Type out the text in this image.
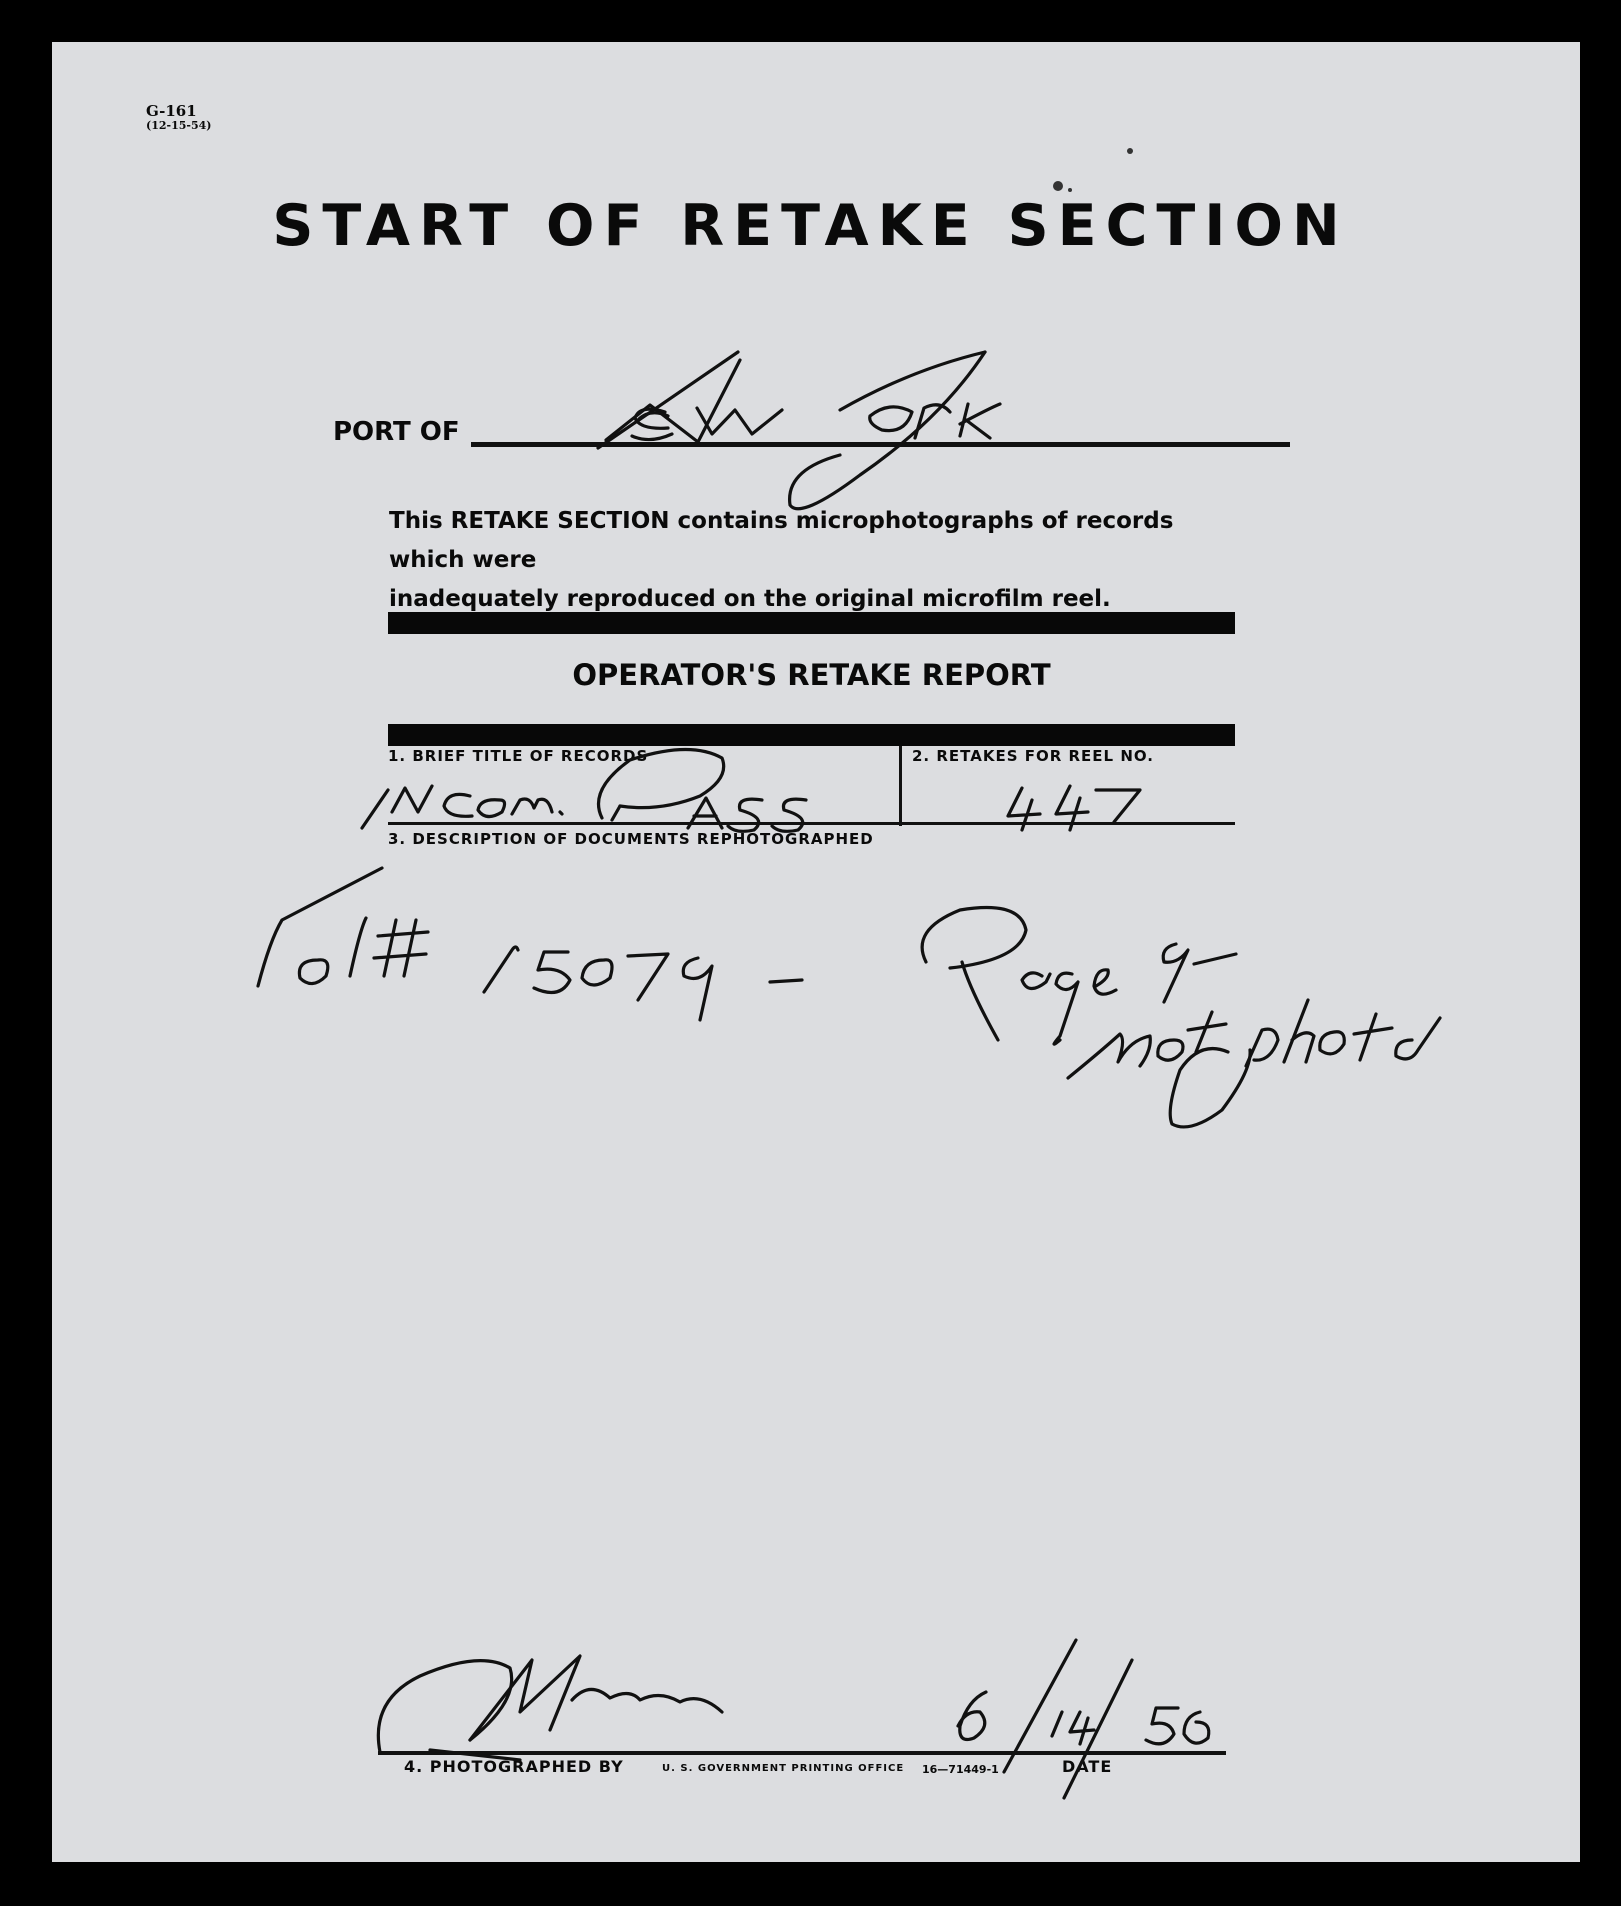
G-161

(12-15-54)

START OF RETAKE SECTION

PORT OF

This RETAKE SECTION contains microphotographs of records which were
inadequately reproduced on the original microfilm reel.
OPERATOR'S RETAKE REPORT

1. BRIEF TITLE OF RECORDS	2. RETAKES FOR REEL NO.

3. DESCRIPTION OF DOCUMENTS REPHOTOGRAPHED

4. PHOTOGRAPHED BY	U. S. GOVERNMENT PRINTING OFFICE 16—71449-1	DATE
